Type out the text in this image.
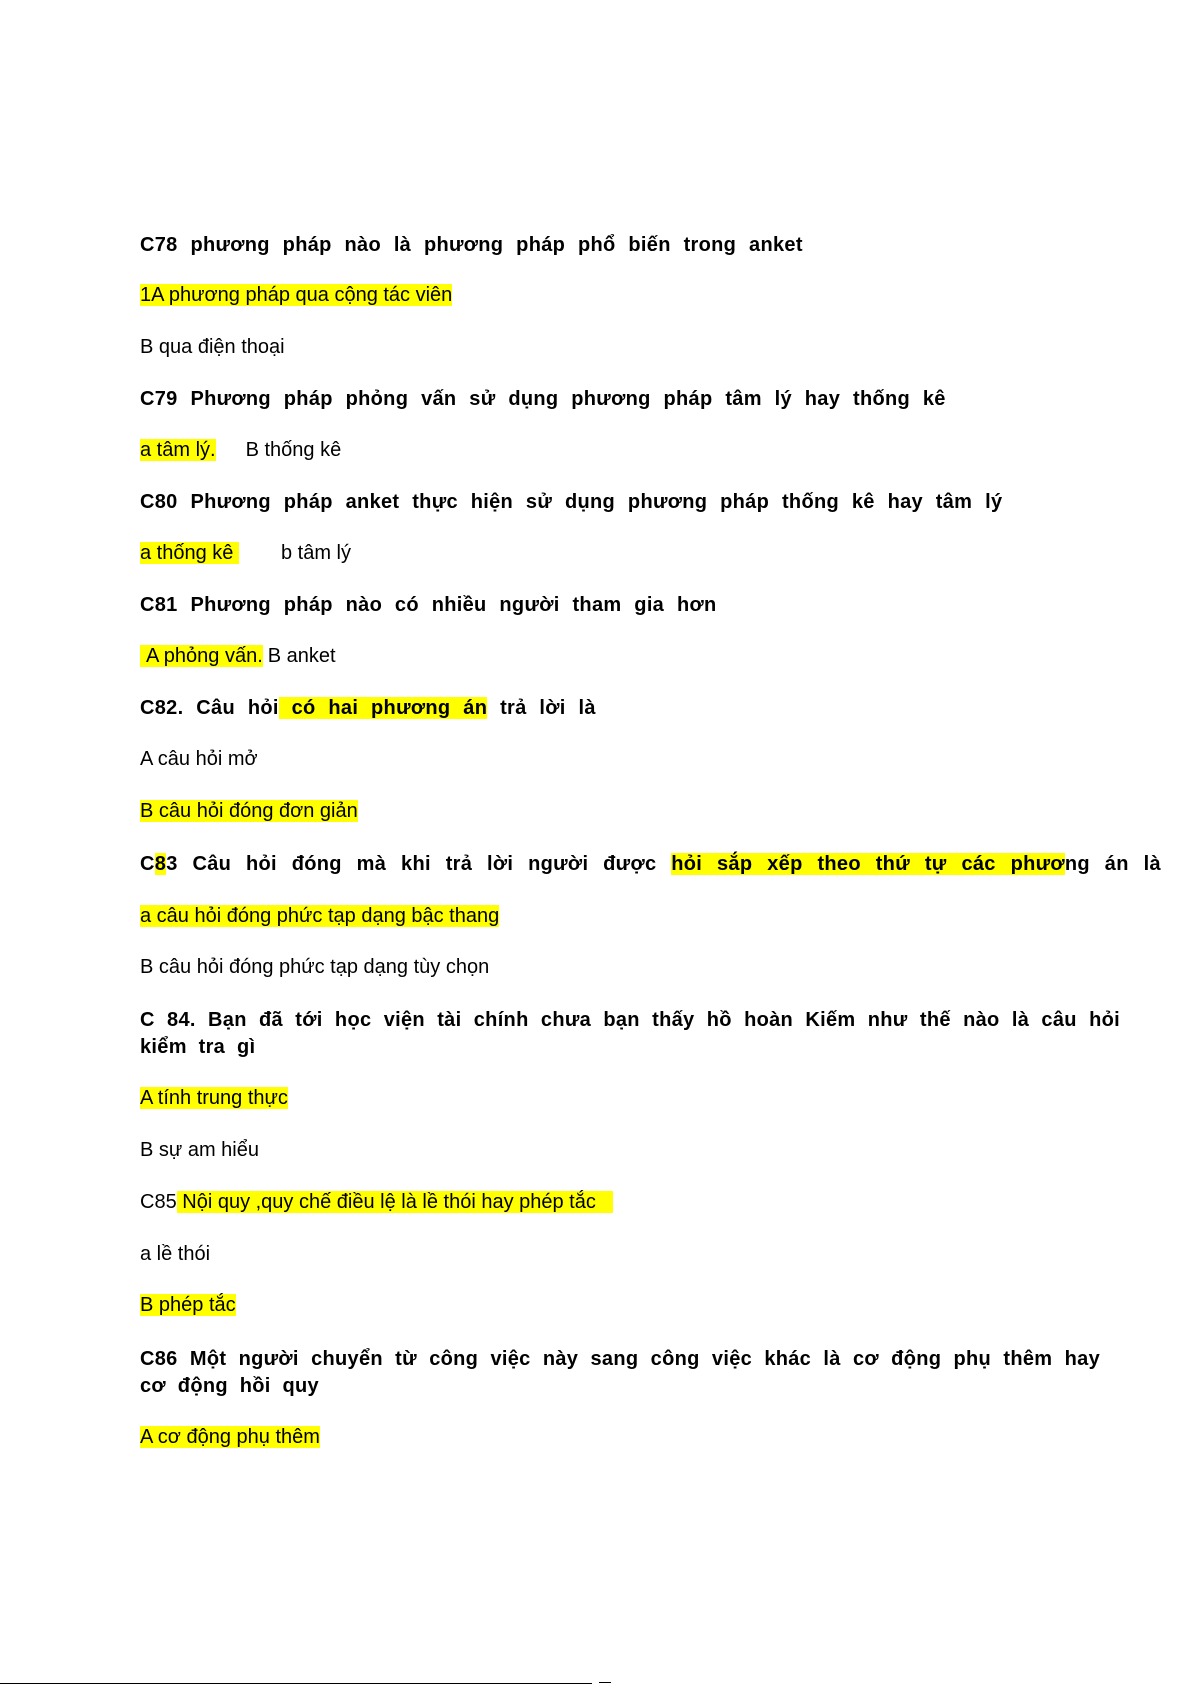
C78 phương pháp nào là phương pháp phổ biến trong anket
1A phương pháp qua cộng tác viên
B qua điện thoại
C79 Phương pháp phỏng vấn sử dụng phương pháp tâm lý hay thống kê
a tâm lý. B thống kê
C80 Phương pháp anket thực hiện sử dụng phương pháp thống kê hay tâm lý
a thống kê b tâm lý
C81 Phương pháp nào có nhiều người tham gia hơn
A phỏng vấn. B anket
C82. Câu hỏi có hai phương án trả lời là
A câu hỏi mở
B câu hỏi đóng đơn giản
C83 Câu hỏi đóng mà khi trả lời người được hỏi sắp xếp theo thứ tự các phương án là
a câu hỏi đóng phức tạp dạng bậc thang
B câu hỏi đóng phức tạp dạng tùy chọn
C 84. Bạn đã tới học viện tài chính chưa bạn thấy hồ hoàn Kiếm như thế nào là câu hỏi kiểm tra gì
A tính trung thực
B sự am hiểu
C85 Nội quy ,quy chế điều lệ là lề thói hay phép tắc
a lề thói
B phép tắc
C86 Một người chuyển từ công việc này sang công việc khác là cơ động phụ thêm hay cơ động hồi quy
A cơ động phụ thêm
